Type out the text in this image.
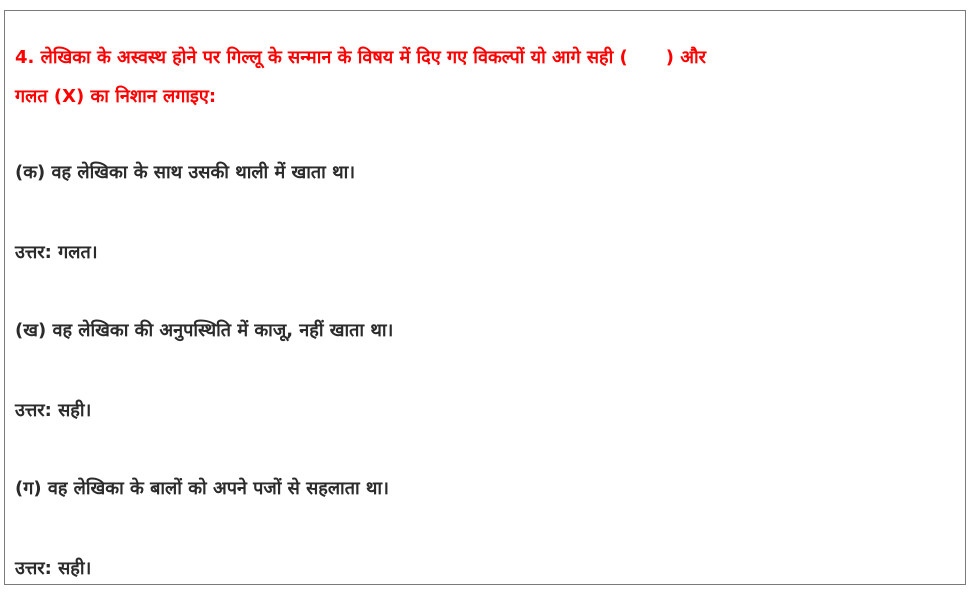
4. लेखिका के अस्वस्थ होने पर गिल्लू के सन्मान के विषय में दिए गए विकल्पों यो आगे सही ( ) और
गलत (X) का निशान लगाइए:
(क) वह लेखिका के साथ उसकी थाली में खाता था।
उत्तर: गलत।
(ख) वह लेखिका की अनुपस्थिति में काजू, नहीं खाता था।
उत्तर: सही।
(ग) वह लेखिका के बालों को अपने पजों से सहलाता था।
उत्तर: सही।
